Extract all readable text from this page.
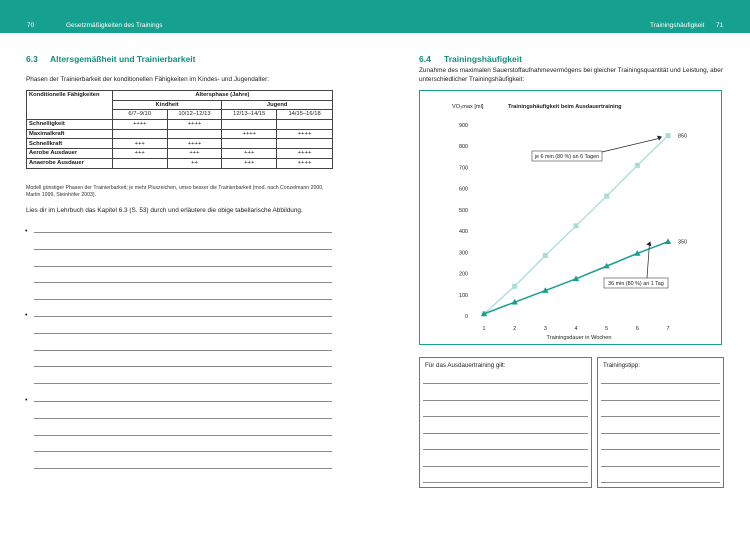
70	Gesetzmäßigkeiten des Trainings	Trainingshäufigkeit 71
6.3 Altersgemäßheit und Trainierbarkeit
Phasen der Trainierbarkeit der konditionellen Fähigkeiten im Kindes- und Jugendalter:
Konditionelle Fähigkeiten	Altersphase (Jahre)			
	Kindheit		Jugend	
	6/7–9/10	10/12–12/13	12/13–14/15	14/15–16/18
Schnelligkeit	++++	++++		
Maximalkraft			++++	++++
Schnellkraft	+++	++++		
Aerobe Ausdauer	+++	+++	+++	++++
Anaerobe Ausdauer		++	+++	++++
Modell günstiger Phasen der Trainierbarkeit; je mehr Pluszeichen, umso besser die Trainierbarkeit (mod. nach Conzelmann 2000, Martin 1999, Steinhöfer 2003).
Lies dir im Lehrbuch das Kapitel 6.3 (S. 53) durch und erläutere die obige tabellarische Abbildung.
•
•
•
6.4 Trainingshäufigkeit
Zunahme des maximalen Sauerstoffaufnahmevermögens bei gleicher Trainingsquantität und Leistung, aber
unterschiedlicher Trainingshäufigkeit:
Trainingshäufigkeit beim Ausdauertraining
VO₂max [ml]
Trainingsdauer in Wochen
0
100
200
300
400
500
600
700
800
900
1	2	3	4	5	6	7
850
350
je 6 min (80 %) an 6 Tagen
36 min (80 %) an 1 Tag
Für das Ausdauertraining gilt:	Trainingstipp:
